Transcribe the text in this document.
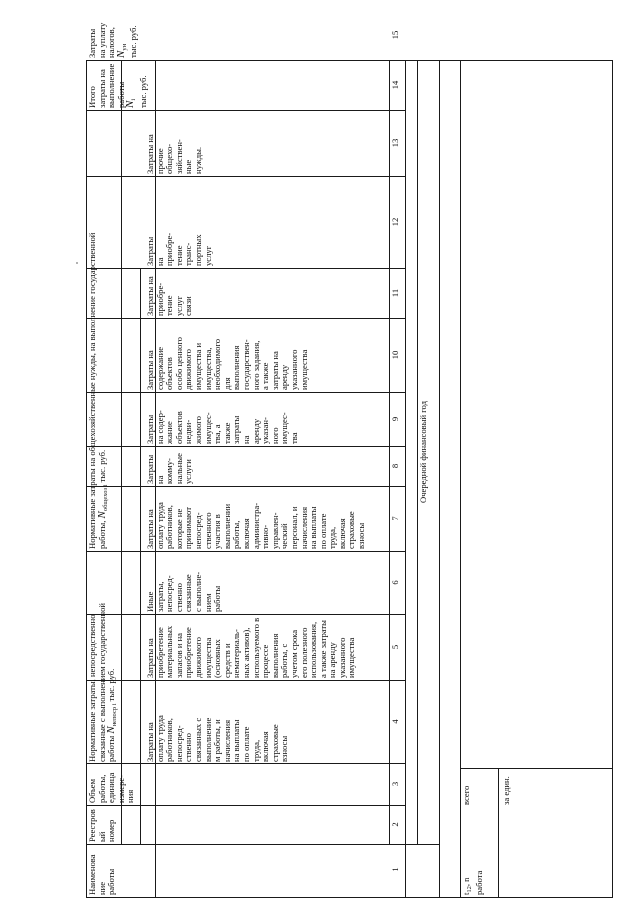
Наименова
ние
работы
Реестров
ый
номер
Объем
работы,
единица
измере-
ния
Нормативные затраты, непосредственно
связанные с выполнением государственной
работы $N_{непоср i}$ тыс. руб.
Затраты на
оплату труда
работников,
непосред-
ственно
связанных с
выполнение
м работы, и
начисления
на выплаты
по оплате
труда,
включая
страховые
взносы
Затраты на
приобретение
материальных
запасов и на
приобретение
движимого
имущества
(основных
средств и
нематериаль-
ных активов),
используемого в
процессе
выполнения
работы, с
учетом срока
его полезного
использования,
а также затраты
на аренду
указанного
имущества
Иные
затраты,
непосред-
ственно
связанные
с выполне-
нием
работы
Нормативные затраты на общехозяйственные нужды, на выполнение государственной
работы, $N_{общехоз i}$ тыс. руб.
Затраты на
оплату труда
работников,
которые не
принимают
непосред-
ственного
участия в
выполнении
работы,
включая
администра-
тивно-
управлен-
ческий
персонал, и
начисления
на выплаты
по оплате
труда,
включая
страховые
взносы
Затраты на
комму-
нальные
услуги
Затраты
на содер-
жание
объектов
недви-
жимого
имущес-
тва, а
также
затраты
на
аренду
указан-
ного
имущес-
тва
Затраты на
содержание
объектов
особо ценного
движимого
имущества и
имущества,
необходимого
для
выполнения
государствен-
ного задания,
а также
затраты на
аренду
указанного
имущества
Затраты на
приобре-
тение
услуг
связи
Затраты
на
приобре-
тение
транс-
портных
услуг
Затраты на
прочие
общехо-
зяйствен-
ные
нужды.
Итого
затраты на
выполнение
работы
$N_i$
тыс. руб.
Затраты
на уплату
налогов,
$N_{ун}$
тыс. руб.
1
2
3
4
5
6
7
8
9
10
11
12
13
14
15
Очередной финансовый год
$t_{12}$, n
работа
всего	за един.
